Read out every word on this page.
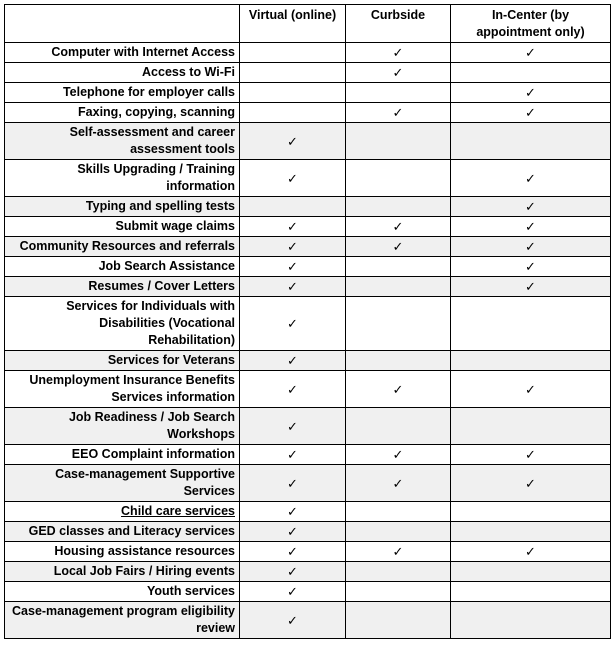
	Virtual (online)	Curbside	In-Center (by appointment only)
Computer with Internet Access		✓	✓
Access to Wi-Fi		✓	
Telephone for employer calls			✓
Faxing, copying, scanning		✓	✓
Self-assessment and career assessment tools	✓		
Skills Upgrading / Training information	✓		✓
Typing and spelling tests			✓
Submit wage claims	✓	✓	✓
Community Resources and referrals	✓	✓	✓
Job Search Assistance	✓		✓
Resumes / Cover Letters	✓		✓
Services for Individuals with Disabilities (Vocational Rehabilitation)	✓		
Services for Veterans	✓		
Unemployment Insurance Benefits Services information	✓	✓	✓
Job Readiness / Job Search Workshops	✓		
EEO Complaint information	✓	✓	✓
Case-management Supportive Services	✓	✓	✓
Child care services	✓		
GED classes and Literacy services	✓		
Housing assistance resources	✓	✓	✓
Local Job Fairs / Hiring events	✓		
Youth services	✓		
Case-management program eligibility review	✓		
